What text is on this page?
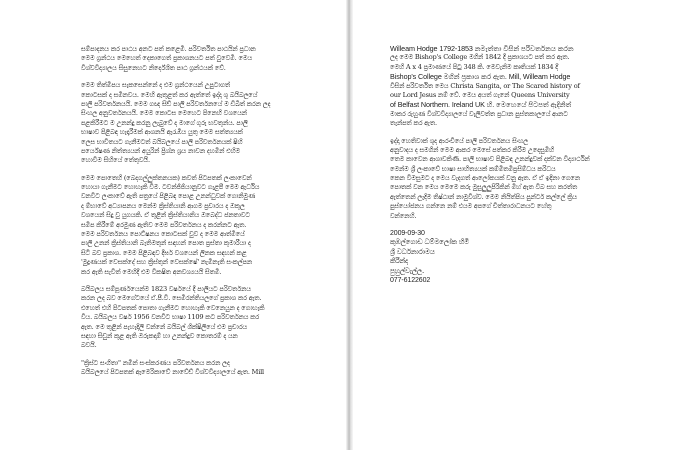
සම්පාදනය කර පාඨය අනට පත් කළෙමි. පරිවර්තිත පාඨයින් ප්‍රධාන
මෙම ග්‍රන්ථය මෙහෙත් දෙකාගෙත් ප්‍රකාශනයට පත් වුවෙමි. මෙය
විශ්වවිද්‍යාලය සිසුනෙහට නිර්දේශිත පාඨ ග්‍රන්ථයක් වේ.
මෙම තිත්මිපය සැකසෙන්නේ ද එම ග්‍රන්ථයෙන් උපුටාගත්
කොටසක් ද සමිනවය. මෙහි ඇතුළත් කර ඇත්තේ ඉද්දා ශු බයිබලයේ
පාලි පරිවර්තනයයි. මෙම ගඥ සිඞ් පාලි පරිවර්තනයේ ම ඩිඛිත් කරන ලද
සිංහල අනුවර්තනයයි. මෙම කොටස මෙහෙට පිනෙහි වශයෙන්
පළකිරීමට ම උනන්දු කරනු ලැබුවේ ද මාගේ ගුරු භවතුන්ය. පාලි
භාෂාව පිළිබඳ හැදෑරීමක් ආශනයි ඇරැඹිය යුතු මෙම සත්ත්‍යයක්
ලෙස භාවිතයට ගැනීමටත් බයිබලයේ පාලි පරිවර්තනයක් ෂිහි
පර්යේෂණ නිත්ත්‍යයන් අයුරින් ප්‍රිශ්න ශ්‍රය නාවන දහමින් එහිම
හොවීම සිහියේ තේතුවයි.
මෙම පොතෙහි (බෙදගල්ලුක්තනයක) කවත් පිටපතක් ලංකාවෙන්
හොයා ගැනීමට හොහැකි විම. ටවන්ජිජියානුවට ගැළපී මෙම ඇර්ධිය
වනවිට ලංකාවේ ඇති පත්‍රයේ පිළිබඳ පොළ උනන්ධුවක් ගොනිමුණ
ද ම්භාවේ අධ්‍යාපනය මෙන්ම ක්‍රිස්තියානි ආගම ප්‍රචාරය ද ඔකුල
වශයෙන් සිදු වු යුගයකි. ඒ තුළින් ක්‍රිස්තියානිය ඔබෙද්ධ ජනතාවට
සමීප කිරීමේ අරමුණ ඇතිව මෙම පරිවර්තනය ද කරන්නට ඇත.
මෙම පරිවර්තනය පොට්ෂනය කොටසක් වුව ද මෙම ආත්මියේ
පාලි උනන් ක්‍රිස්තියානි බැතිමතුන් සඳහන් පොත ප්‍රස්තා කුමාරීයා ද
සිටි බව ප්‍රකාශ. මෙම පිළිබඳව දීර්ඝ වශයෙන් ලිනක සඳහන් කළ
'මුද්‍රණයක් වෙසක්දේ සහ ක්‍රිස්තුන් වෙසක්ෂේ' නැමිනැති සංකල්පන
කර ඇති සැවිත් මෙහිදී එම විකෂිත අනවශ්‍යයයි සිතමි.
බයිබලය සම්පූර්ණයෙන්ම 1823 වර්ෂයේ දී පාලියට පරිවර්තනය
කරන ලද බව මෙගේටයේ ඒ.පී.වී. සෙමිරන්තියලගේ ප්‍රකාශ කර ඇත.
එහෙත් එහි පිටපතක් පොතා ගැනීමට හොහැකි වෙනෙයුන ද ගොහැකි
විය. බයිබලය වර්ෂ 1956 වනවිට භාෂා 1109 කට පරිවර්තනය කර
ඇත. මෙ තුළින් පැහැදිලි වන්නේ බයිබල් ශික්ෂිලියේ එම ප්‍රචාරය
සඳහා සිඩුන් කුළ ඇති ඔරුකදාම් හා උනන්දුව කොතරම් ද යන
බවයි.
"ක්‍රිස්ට සංගිතා" නමින් සංස්කරණය පරිවර්තනය කරන ලද
බයිබලයේ පිටපතක් ඇමෙරිකාවේ නාවේඩ් විශ්වවිද්‍යාලයේ ඇත. Mill
Willeam Hodge 1792-1853 නමැත්තා විසින් පරිවර්තනය කරන
ලද මෙම Bishop's College මගින් 1842 දී ප්‍රකාශයට පත් කර ඇත.
මෙහි A x 4 ප්‍රමාණයේ පිටු 348 කි. මෙවැනිම කෘතියක් 1834 දී
Bishop's College මගින් ප්‍රකාශ කර ඇත. Mill, Willeam Hodge
විසින් පරිවර්තිත මෙය Christa Sangita, or The Scared history of
our Lord Jesus නම් වේ. මෙය අයත් ගැනේ Queens University
of Belfast Northern. Ireland UK හි. මෙහෙයේ පිටපත් ඇදිනිත්
මාකර රුහුණ විශ්වවිද්‍යාලයේ වැලිවත්ත ප්‍රධාන පුස්තකාලයේ ආනට
තැන්පත් කර ඇත.
ඉද්දා හෙතිවාක් ශුද ආරංචියේ පාලි පරිවර්තනය සිංහල
අනුවාදය ද සමගින් මෙම ආකර මෙසේ පත්කර කිරීම උදෙසුමිහි
තෙම කාවෙන ආශාවකිණි. පාලි භාෂාව පිළිබඳ උනන්දුවක් දක්වන විද්‍යාර්ථින්
මෙන්ම ශ්‍රී ලංකාවේ භාෂා සාහිත්‍යයක් කම්මිතමිප්‍රසිම්ධය කරිධය
කෙන විමසුමට ද මෙය වැදගත් ආලෝකයක් වනු ඇත. ඒ ඒ ඉදිනා ගෙනෙ
පොතක් වන මෙය මෙමෙ කරු මුසුලුලුපිරිකින් මිහ් ඇත විබ සහ කරත්ත
ඇත්තෙන් ලැදිම තිෂ්ඨාන් නාමුවිශ්ව. මෙම නියිත්පිය පුන්ටර් කල්ලේ ක්‍රිය
පුස්යෝජනය ගන්නෙ නම් එයම අපගේ චිත්තාරාධනයට හේතු
වන්නෙහි.
2009-09-30
කුඹල්ගොඩ ධම්මලෝක හිමි
ශ්‍රී වර්ධනාරාමය
කිරින්ද
පුහුල්වැල්ල.
077-6122602
